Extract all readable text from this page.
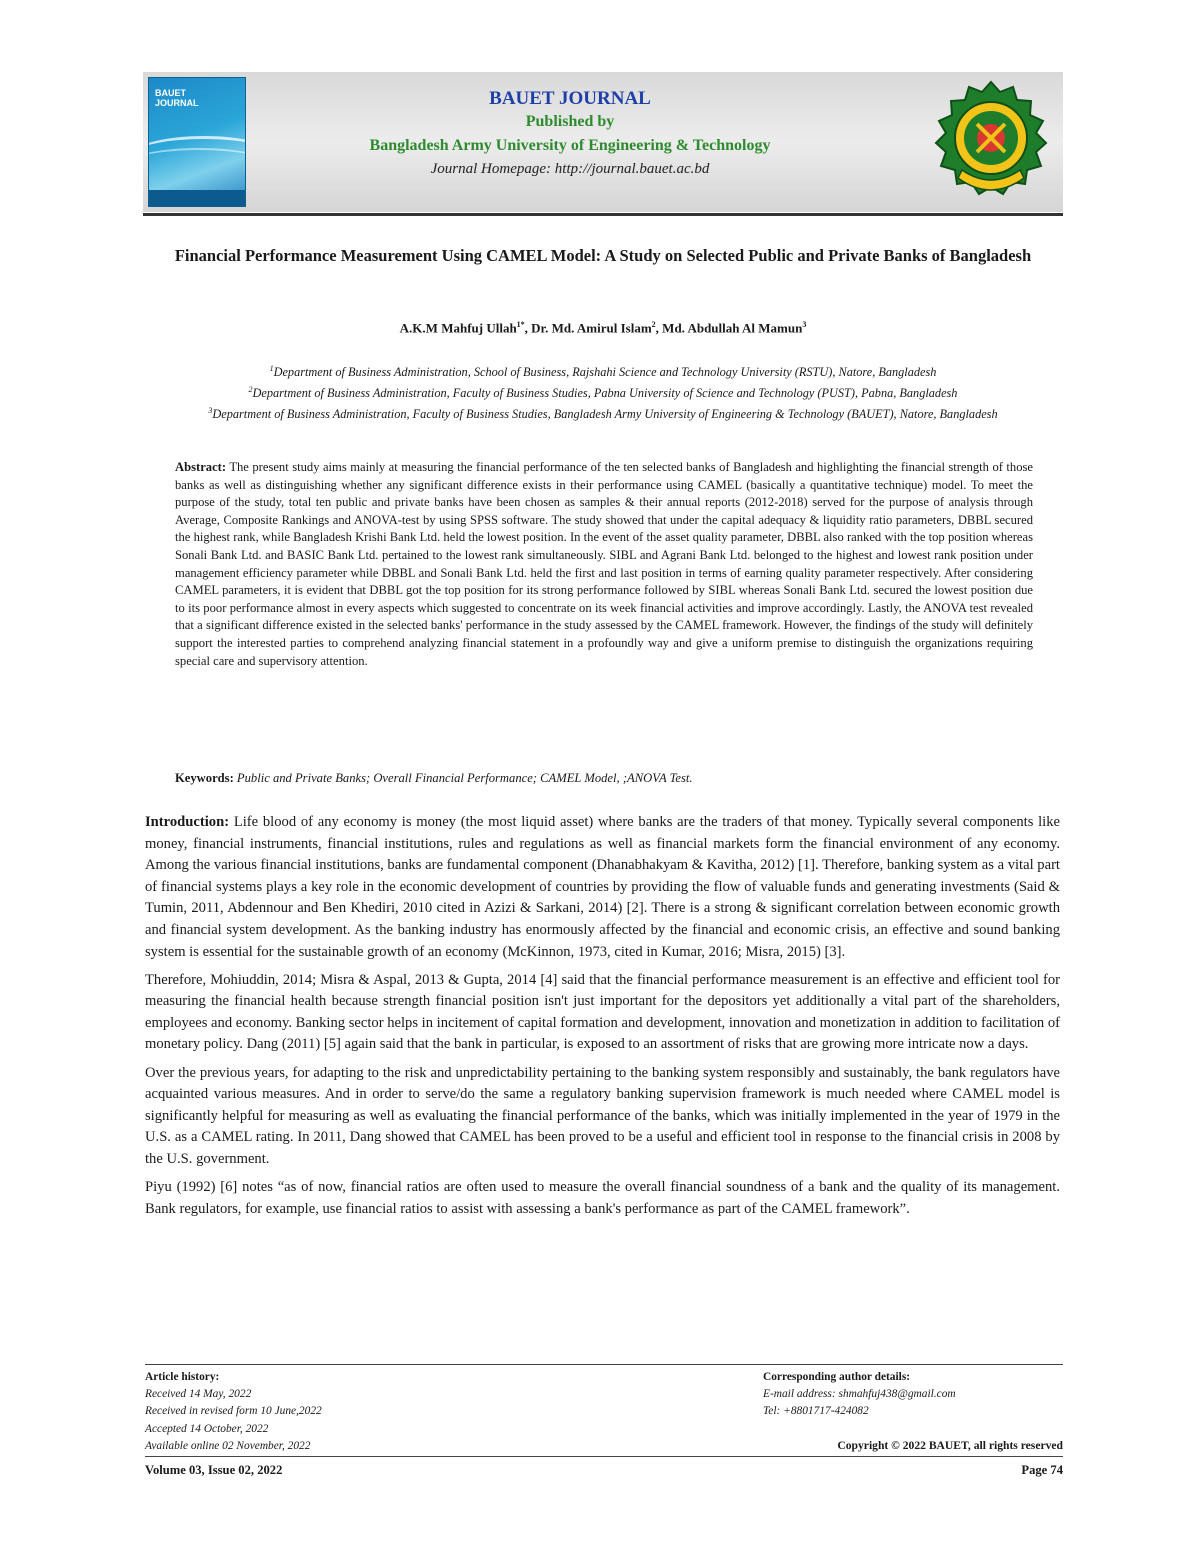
BAUET JOURNAL	BAUET JOURNAL
Published by
Bangladesh Army University of Engineering & Technology
Journal Homepage: http://journal.bauet.ac.bd
Financial Performance Measurement Using CAMEL Model: A Study on Selected Public and Private Banks of Bangladesh
A.K.M Mahfuj Ullah$^{1*}$, Dr. Md. Amirul Islam$^2$, Md. Abdullah Al Mamun$^3$
$^1$Department of Business Administration, School of Business, Rajshahi Science and Technology University (RSTU), Natore, Bangladesh
$^2$Department of Business Administration, Faculty of Business Studies, Pabna University of Science and Technology (PUST), Pabna, Bangladesh
$^3$Department of Business Administration, Faculty of Business Studies, Bangladesh Army University of Engineering & Technology (BAUET), Natore, Bangladesh
Abstract: The present study aims mainly at measuring the financial performance of the ten selected banks of Bangladesh and highlighting the financial strength of those banks as well as distinguishing whether any significant difference exists in their performance using CAMEL (basically a quantitative technique) model. To meet the purpose of the study, total ten public and private banks have been chosen as samples & their annual reports (2012-2018) served for the purpose of analysis through Average, Composite Rankings and ANOVA-test by using SPSS software. The study showed that under the capital adequacy & liquidity ratio parameters, DBBL secured the highest rank, while Bangladesh Krishi Bank Ltd. held the lowest position. In the event of the asset quality parameter, DBBL also ranked with the top position whereas Sonali Bank Ltd. and BASIC Bank Ltd. pertained to the lowest rank simultaneously. SIBL and Agrani Bank Ltd. belonged to the highest and lowest rank position under management efficiency parameter while DBBL and Sonali Bank Ltd. held the first and last position in terms of earning quality parameter respectively. After considering CAMEL parameters, it is evident that DBBL got the top position for its strong performance followed by SIBL whereas Sonali Bank Ltd. secured the lowest position due to its poor performance almost in every aspects which suggested to concentrate on its week financial activities and improve accordingly. Lastly, the ANOVA test revealed that a significant difference existed in the selected banks' performance in the study assessed by the CAMEL framework. However, the findings of the study will definitely support the interested parties to comprehend analyzing financial statement in a profoundly way and give a uniform premise to distinguish the organizations requiring special care and supervisory attention.
Keywords: Public and Private Banks; Overall Financial Performance; CAMEL Model, ;ANOVA Test.

Introduction: Life blood of any economy is money (the most liquid asset) where banks are the traders of that money. Typically several components like money, financial instruments, financial institutions, rules and regulations as well as financial markets form the financial environment of any economy. Among the various financial institutions, banks are fundamental component (Dhanabhakyam & Kavitha, 2012) [1]. Therefore, banking system as a vital part of financial systems plays a key role in the economic development of countries by providing the flow of valuable funds and generating investments (Said & Tumin, 2011, Abdennour and Ben Khediri, 2010 cited in Azizi & Sarkani, 2014) [2]. There is a strong & significant correlation between economic growth and financial system development. As the banking industry has enormously affected by the financial and economic crisis, an effective and sound banking system is essential for the sustainable growth of an economy (McKinnon, 1973, cited in Kumar, 2016; Misra, 2015) [3].

Therefore, Mohiuddin, 2014; Misra & Aspal, 2013 & Gupta, 2014 [4] said that the financial performance measurement is an effective and efficient tool for measuring the financial health because strength financial position isn't just important for the depositors yet additionally a vital part of the shareholders, employees and economy. Banking sector helps in incitement of capital formation and development, innovation and monetization in addition to facilitation of monetary policy. Dang (2011) [5] again said that the bank in particular, is exposed to an assortment of risks that are growing more intricate now a days.

Over the previous years, for adapting to the risk and unpredictability pertaining to the banking system responsibly and sustainably, the bank regulators have acquainted various measures. And in order to serve/do the same a regulatory banking supervision framework is much needed where CAMEL model is significantly helpful for measuring as well as evaluating the financial performance of the banks, which was initially implemented in the year of 1979 in the U.S. as a CAMEL rating. In 2011, Dang showed that CAMEL has been proved to be a useful and efficient tool in response to the financial crisis in 2008 by the U.S. government.

Piyu (1992) [6] notes “as of now, financial ratios are often used to measure the overall financial soundness of a bank and the quality of its management. Bank regulators, for example, use financial ratios to assist with assessing a bank's performance as part of the CAMEL framework”.

Article history:
Received 14 May, 2022
Received in revised form 10 June,2022
Accepted 14 October, 2022
Available online 02 November, 2022
Corresponding author details:
E-mail address: shmahfuj438@gmail.com
Tel: +8801717-424082
Copyright © 2022 BAUET, all rights reserved
Volume 03, Issue 02, 2022	Page 74
